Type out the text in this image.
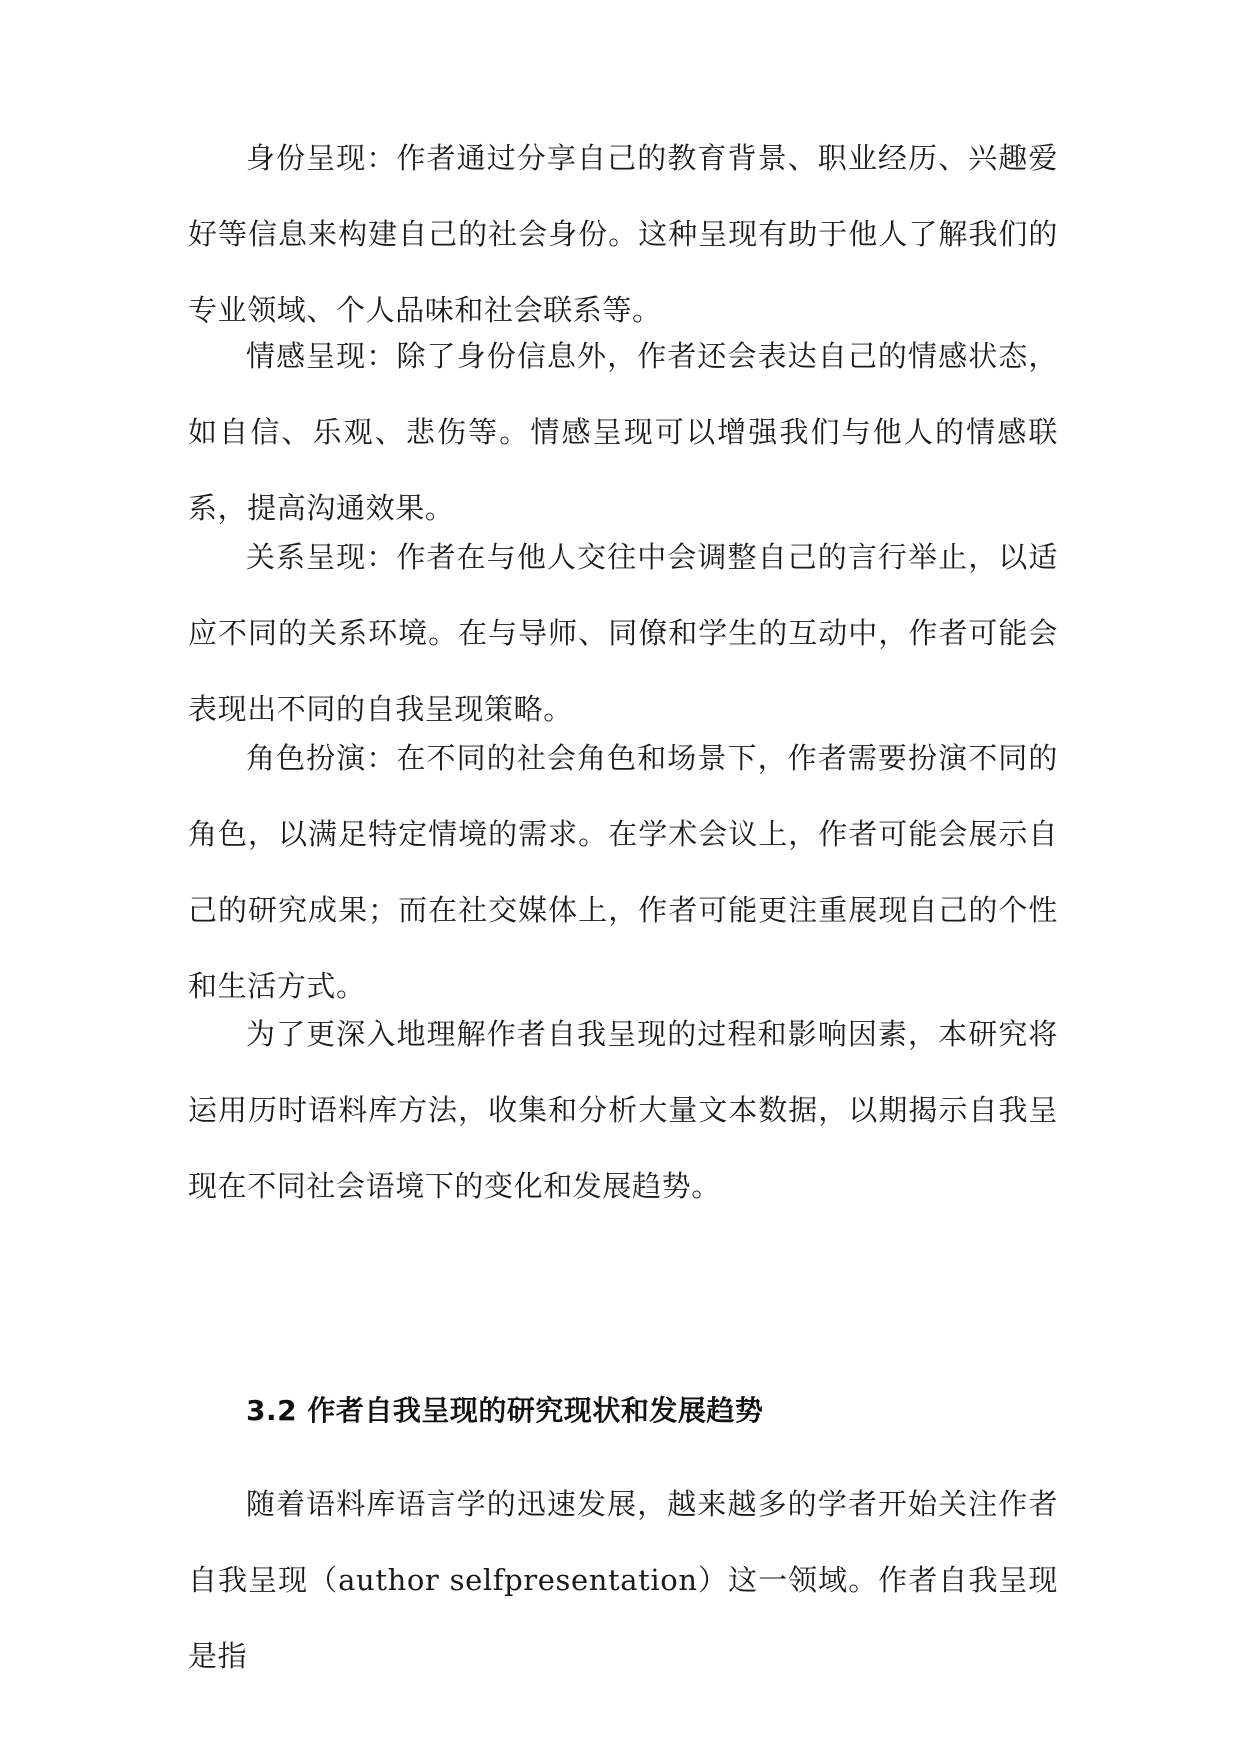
身份呈现：作者通过分享自己的教育背景、职业经历、兴趣爱好等信息来构建自己的社会身份。这种呈现有助于他人了解我们的专业领域、个人品味和社会联系等。

情感呈现：除了身份信息外，作者还会表达自己的情感状态，如自信、乐观、悲伤等。情感呈现可以增强我们与他人的情感联系，提高沟通效果。

关系呈现：作者在与他人交往中会调整自己的言行举止，以适应不同的关系环境。在与导师、同僚和学生的互动中，作者可能会表现出不同的自我呈现策略。

角色扮演：在不同的社会角色和场景下，作者需要扮演不同的角色，以满足特定情境的需求。在学术会议上，作者可能会展示自己的研究成果；而在社交媒体上，作者可能更注重展现自己的个性和生活方式。

为了更深入地理解作者自我呈现的过程和影响因素，本研究将运用历时语料库方法，收集和分析大量文本数据，以期揭示自我呈现在不同社会语境下的变化和发展趋势。

3.2 作者自我呈现的研究现状和发展趋势

随着语料库语言学的迅速发展，越来越多的学者开始关注作者自我呈现（author selfpresentation）这一领域。作者自我呈现是指
